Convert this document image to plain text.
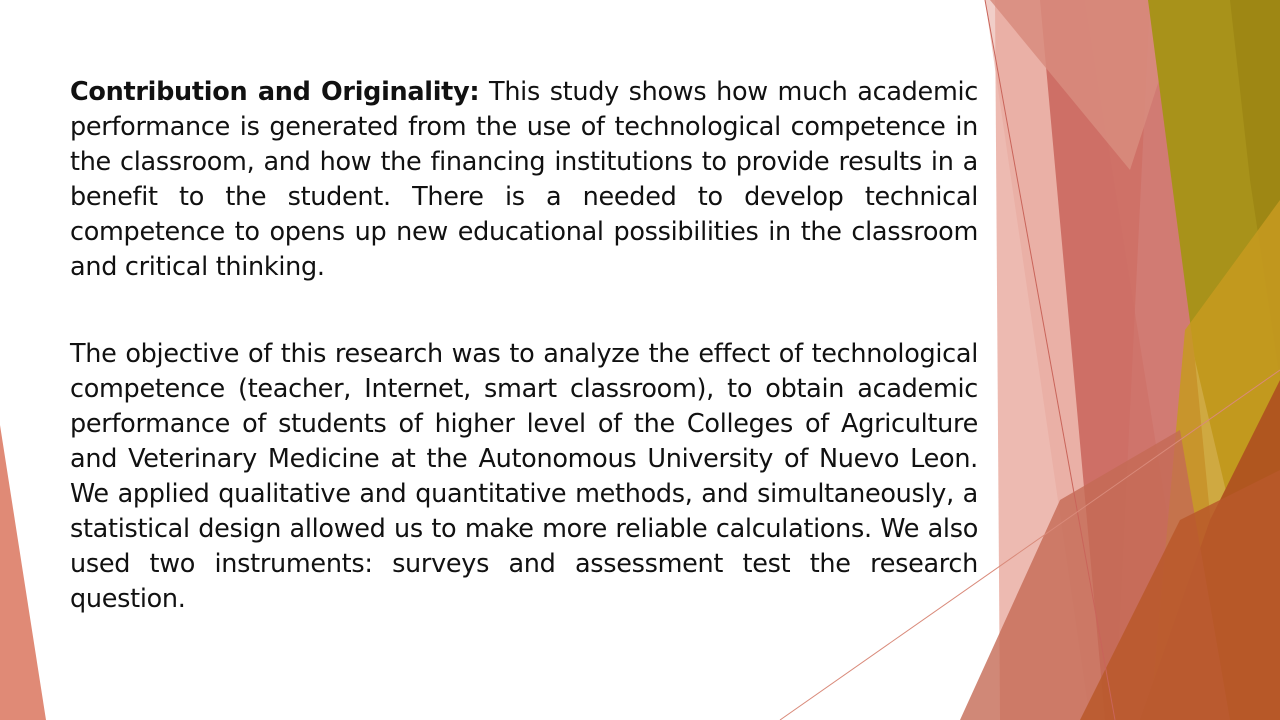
Contribution and Originality: This study shows how much academic performance is generated from the use of technological competence in the classroom, and how the financing institutions to provide results in a benefit to the student. There is a needed to develop technical competence to opens up new educational possibilities in the classroom and critical thinking.

The objective of this research was to analyze the effect of technological competence (teacher, Internet, smart classroom), to obtain academic performance of students of higher level of the Colleges of Agriculture and Veterinary Medicine at the Autonomous University of Nuevo Leon. We applied qualitative and quantitative methods, and simultaneously, a statistical design allowed us to make more reliable calculations. We also used two instruments: surveys and assessment test the research question.
